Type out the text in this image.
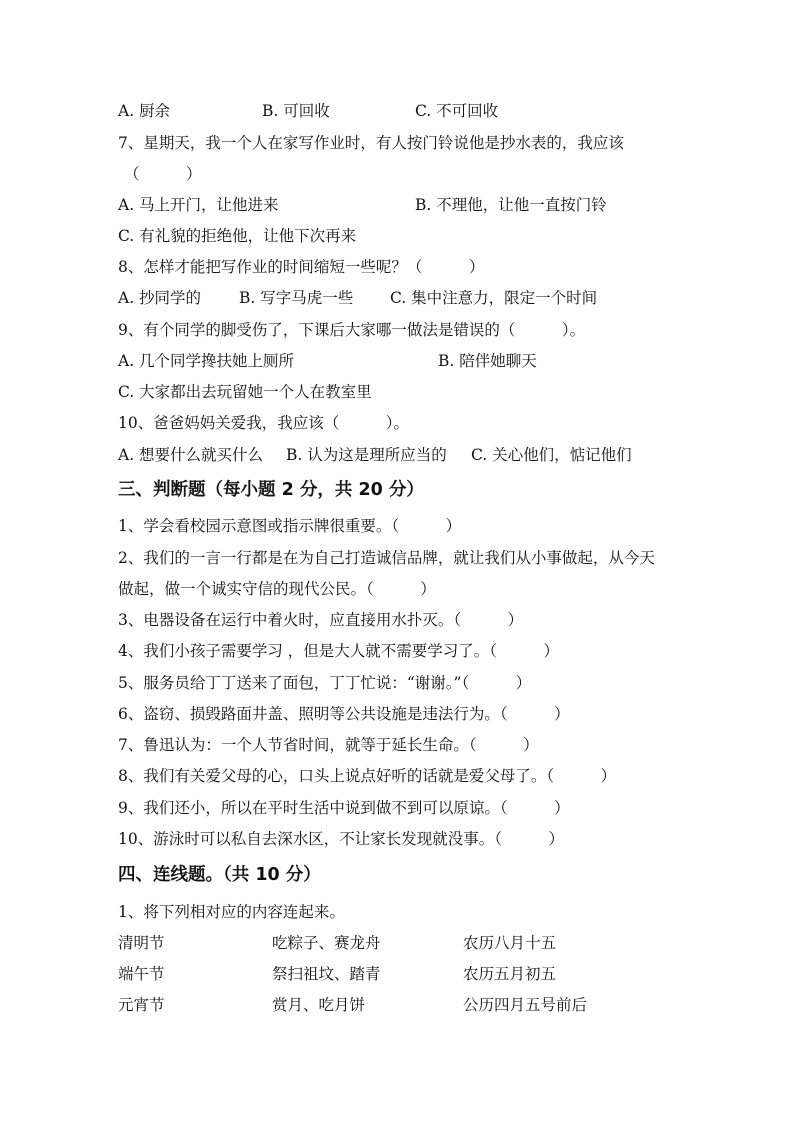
A. 厨余	B. 可回收	C. 不可回收
7、星期天，我一个人在家写作业时，有人按门铃说他是抄水表的，我应该
（　　　）
A. 马上开门，让他进来	B. 不理他，让他一直按门铃
C. 有礼貌的拒绝他，让他下次再来
8、怎样才能把写作业的时间缩短一些呢？（　　　）
A. 抄同学的 B. 写字马虎一些 C. 集中注意力，限定一个时间
9、有个同学的脚受伤了，下课后大家哪一做法是错误的（　　　）。
A. 几个同学搀扶她上厕所	B. 陪伴她聊天
C. 大家都出去玩留她一个人在教室里
10、爸爸妈妈关爱我，我应该（　　　）。
A. 想要什么就买什么 B. 认为这是理所应当的 C. 关心他们，惦记他们
三、判断题（每小题 2 分，共 20 分）
1、学会看校园示意图或指示牌很重要。（　　　）
2、我们的一言一行都是在为自己打造诚信品牌，就让我们从小事做起，从今天
做起，做一个诚实守信的现代公民。（　　　）
3、电器设备在运行中着火时，应直接用水扑灭。（　　　）
4、我们小孩子需要学习 ，但是大人就不需要学习了。（　　　）
5、服务员给丁丁送来了面包，丁丁忙说：“谢谢。”（　　　）
6、盗窃、损毁路面井盖、照明等公共设施是违法行为。（　　　）
7、鲁迅认为：一个人节省时间，就等于延长生命。（　　　）
8、我们有关爱父母的心，口头上说点好听的话就是爱父母了。（　　　）
9、我们还小，所以在平时生活中说到做不到可以原谅。（　　　）
10、游泳时可以私自去深水区，不让家长发现就没事。（　　　）
四、连线题。（共 10 分）
1、将下列相对应的内容连起来。
清明节	吃粽子、赛龙舟	农历八月十五
端午节	祭扫祖坟、踏青	农历五月初五
元宵节	赏月、吃月饼	公历四月五号前后
